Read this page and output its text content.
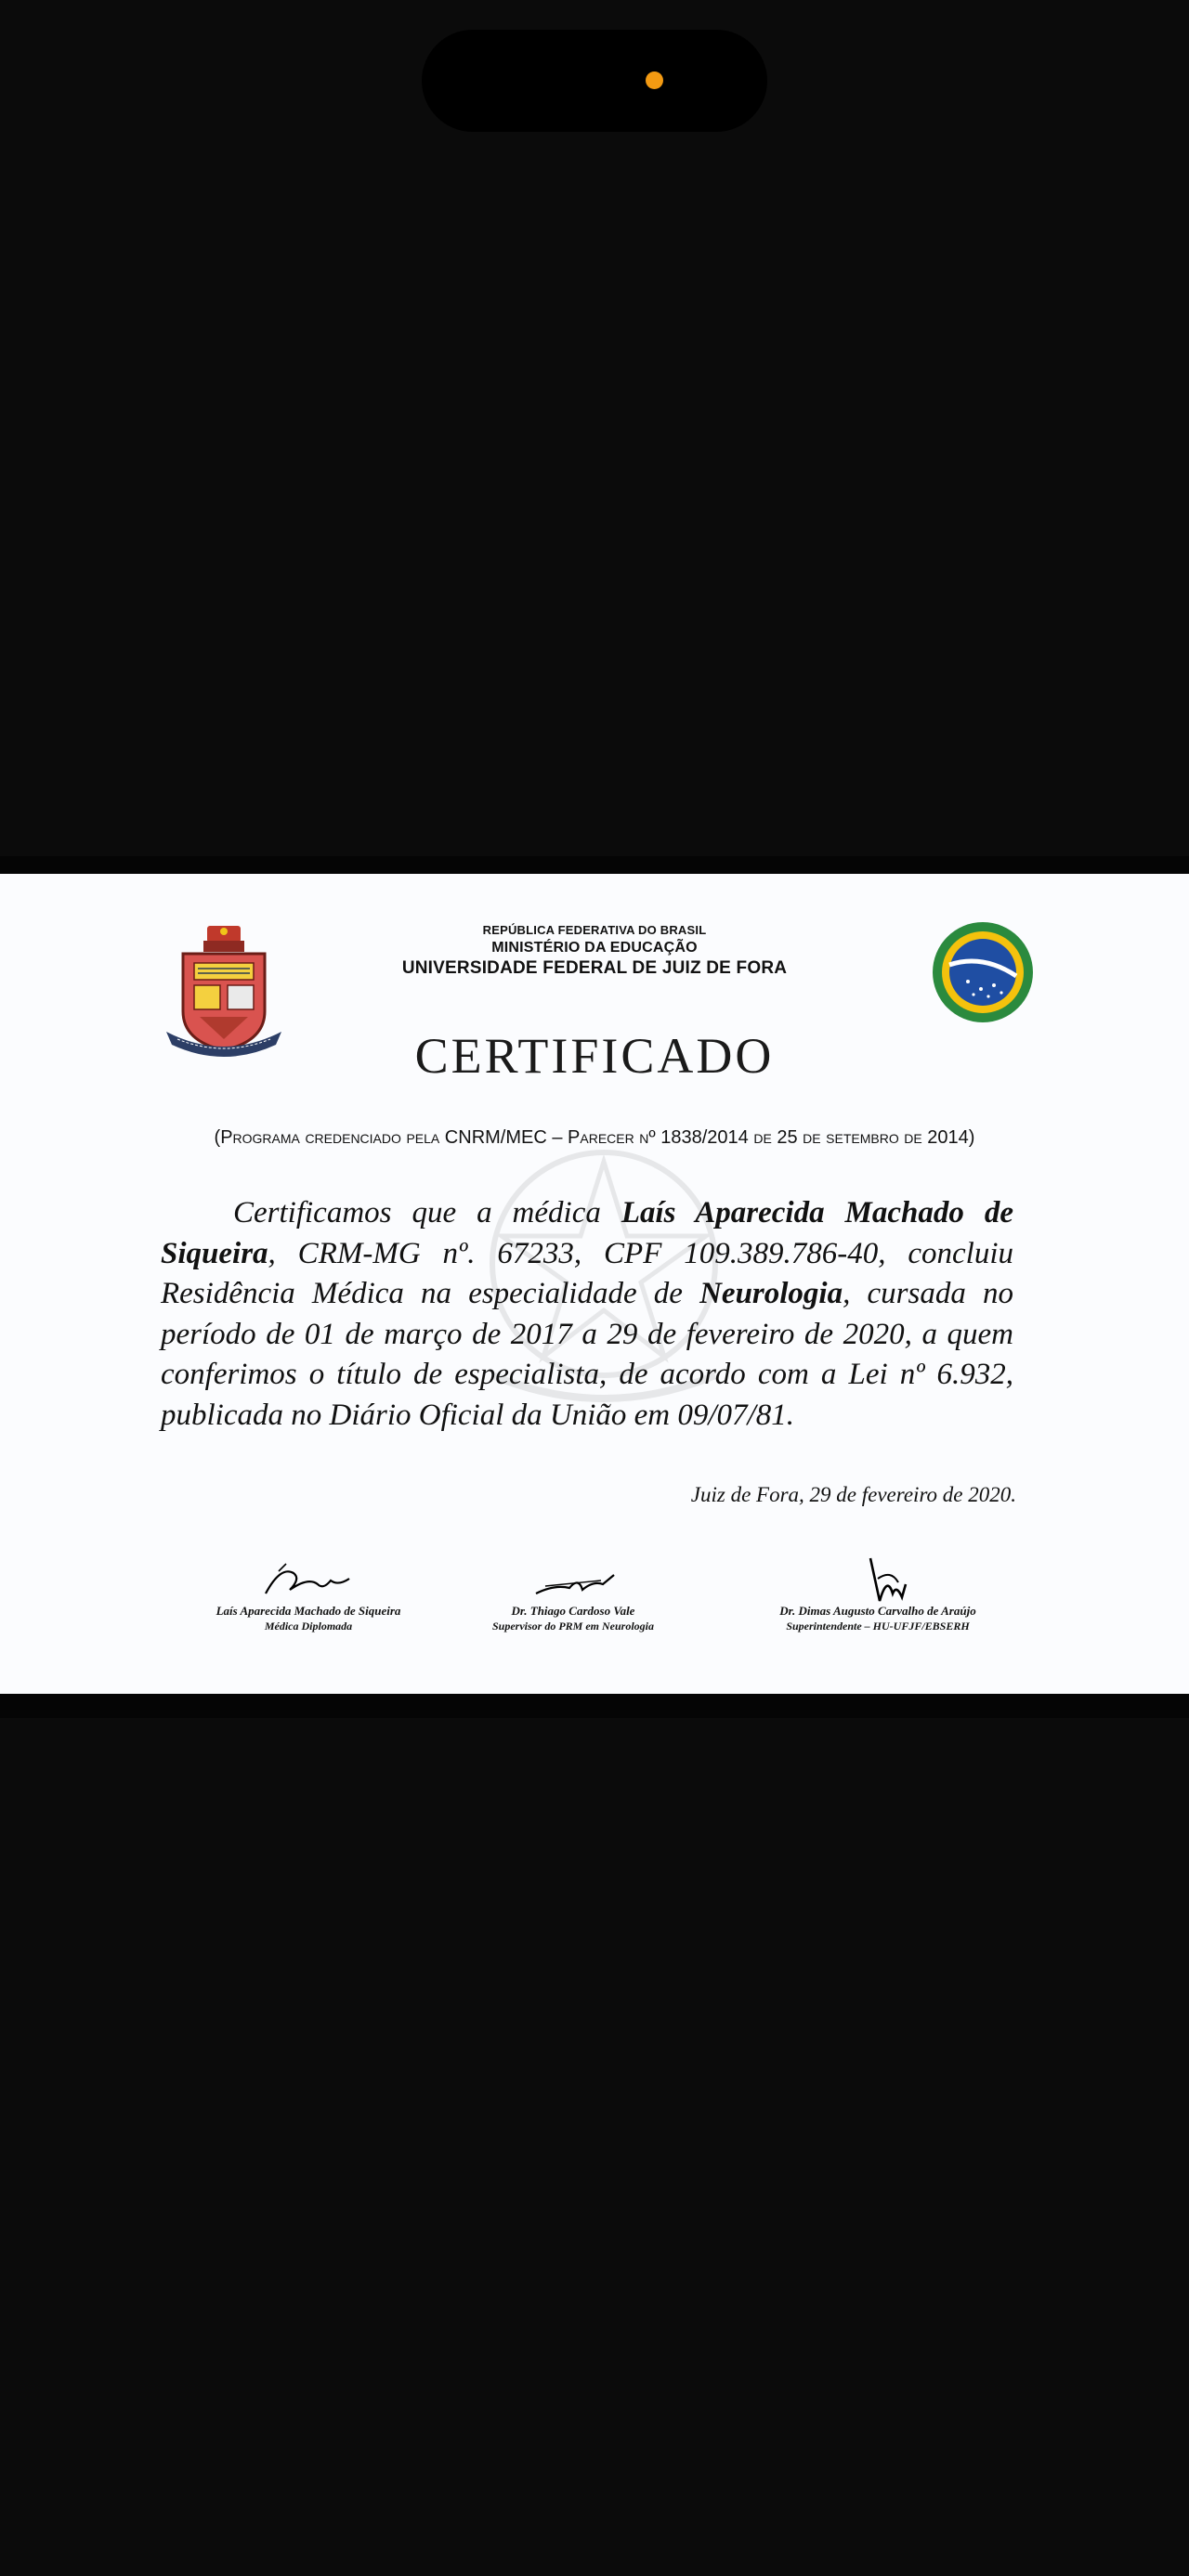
REPÚBLICA FEDERATIVA DO BRASIL
MINISTÉRIO DA EDUCAÇÃO
UNIVERSIDADE FEDERAL DE JUIZ DE FORA
CERTIFICADO
(Programa credenciado pela CNRM/MEC – Parecer nº 1838/2014 de 25 de setembro de 2014)
Certificamos que a médica Laís Aparecida Machado de Siqueira, CRM-MG nº. 67233, CPF 109.389.786-40, concluiu Residência Médica na especialidade de Neurologia, cursada no período de 01 de março de 2017 a 29 de fevereiro de 2020, a quem conferimos o título de especialista, de acordo com a Lei nº 6.932, publicada no Diário Oficial da União em 09/07/81.
Juiz de Fora, 29 de fevereiro de 2020.
Laís Aparecida Machado de Siqueira
Médica Diplomada
Dr. Thiago Cardoso Vale
Supervisor do PRM em Neurologia
Dr. Dimas Augusto Carvalho de Araújo
Superintendente – HU-UFJF/EBSERH
